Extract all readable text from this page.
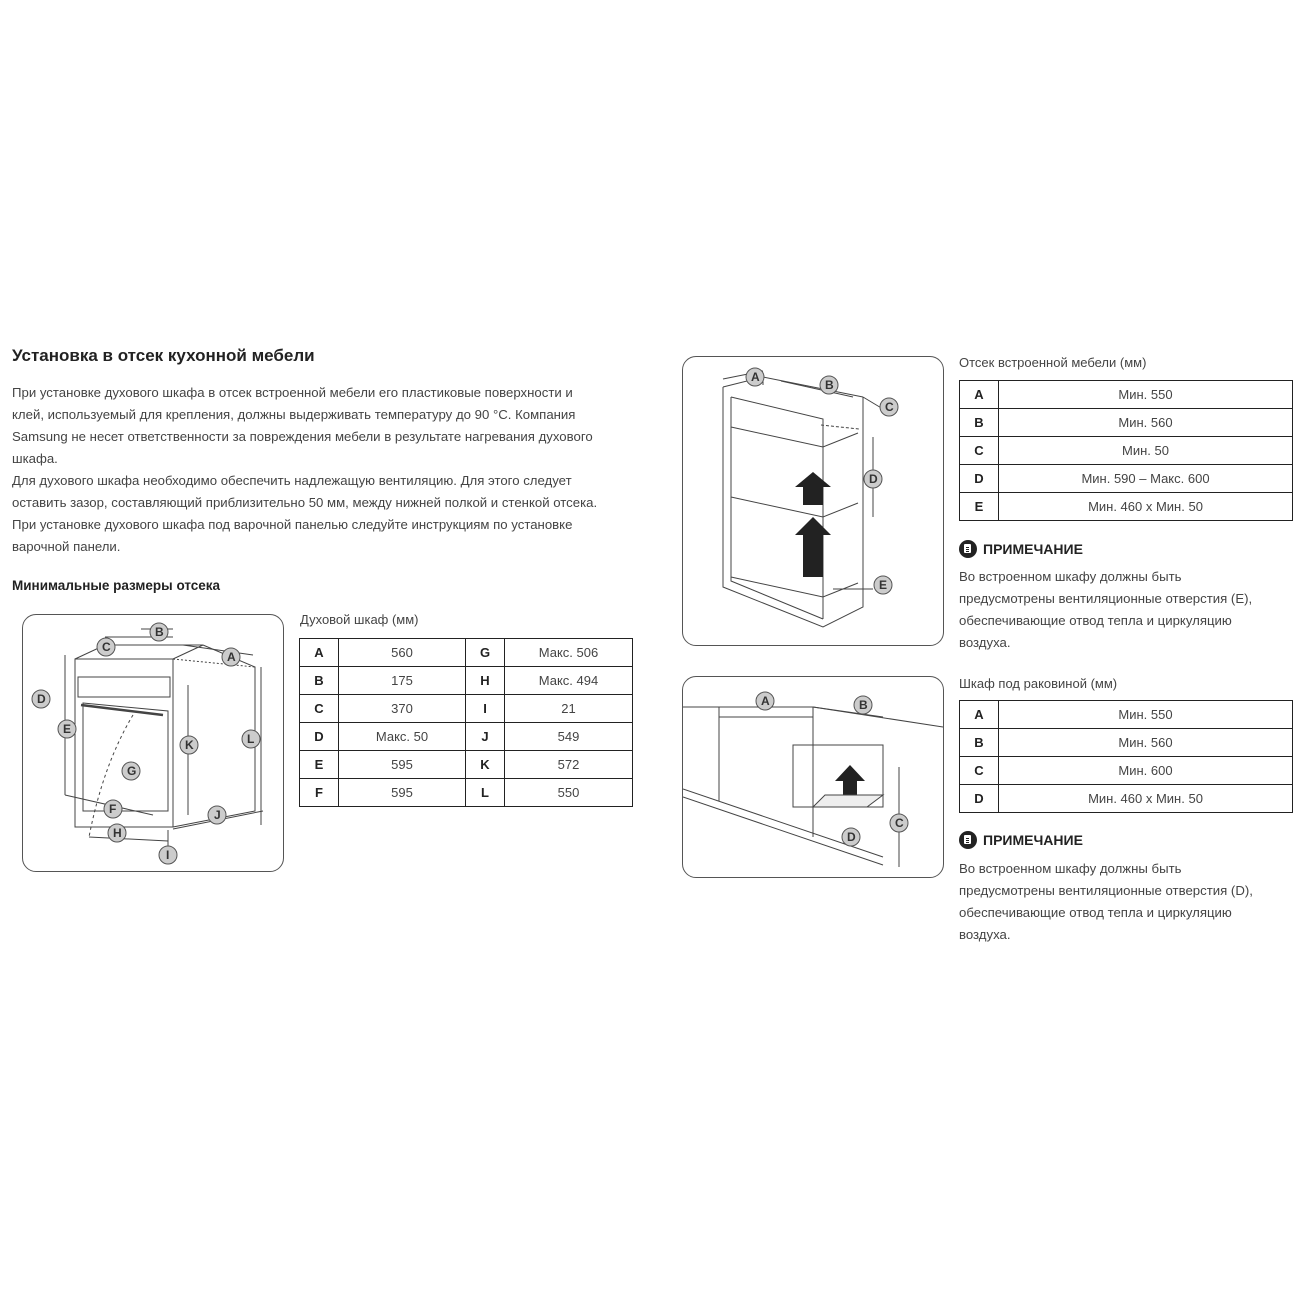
Установка в отсек кухонной мебели
При установке духового шкафа в отсек встроенной мебели его пластиковые поверхности и
клей, используемый для крепления, должны выдерживать температуру до 90 °C. Компания
Samsung не несет ответственности за повреждения мебели в результате нагревания духового
шкафа.
Для духового шкафа необходимо обеспечить надлежащую вентиляцию. Для этого следует
оставить зазор, составляющий приблизительно 50 мм, между нижней полкой и стенкой отсека.
При установке духового шкафа под варочной панелью следуйте инструкциям по установке
варочной панели.
Минимальные размеры отсека
C
B
A
D
E
G
K	L
F
H
J
I
Духовой шкаф (мм)
A	560	G	Макс. 506
B	175	H	Макс. 494
C	370	I	21
D	Макс. 50	J	549
E	595	K	572
F	595	L	550
A
B
C
D
E
Отсек встроенной мебели (мм)
A	Мин. 550
B	Мин. 560
C	Мин. 50
D	Мин. 590 – Макс. 600
E	Мин. 460 x Мин. 50
ПРИМЕЧАНИЕ
Во встроенном шкафу должны быть
предусмотрены вентиляционные отверстия (E),
обеспечивающие отвод тепла и циркуляцию
воздуха.
A	B
C
D
Шкаф под раковиной (мм)
A	Мин. 550
B	Мин. 560
C	Мин. 600
D	Мин. 460 x Мин. 50
ПРИМЕЧАНИЕ
Во встроенном шкафу должны быть
предусмотрены вентиляционные отверстия (D),
обеспечивающие отвод тепла и циркуляцию
воздуха.
